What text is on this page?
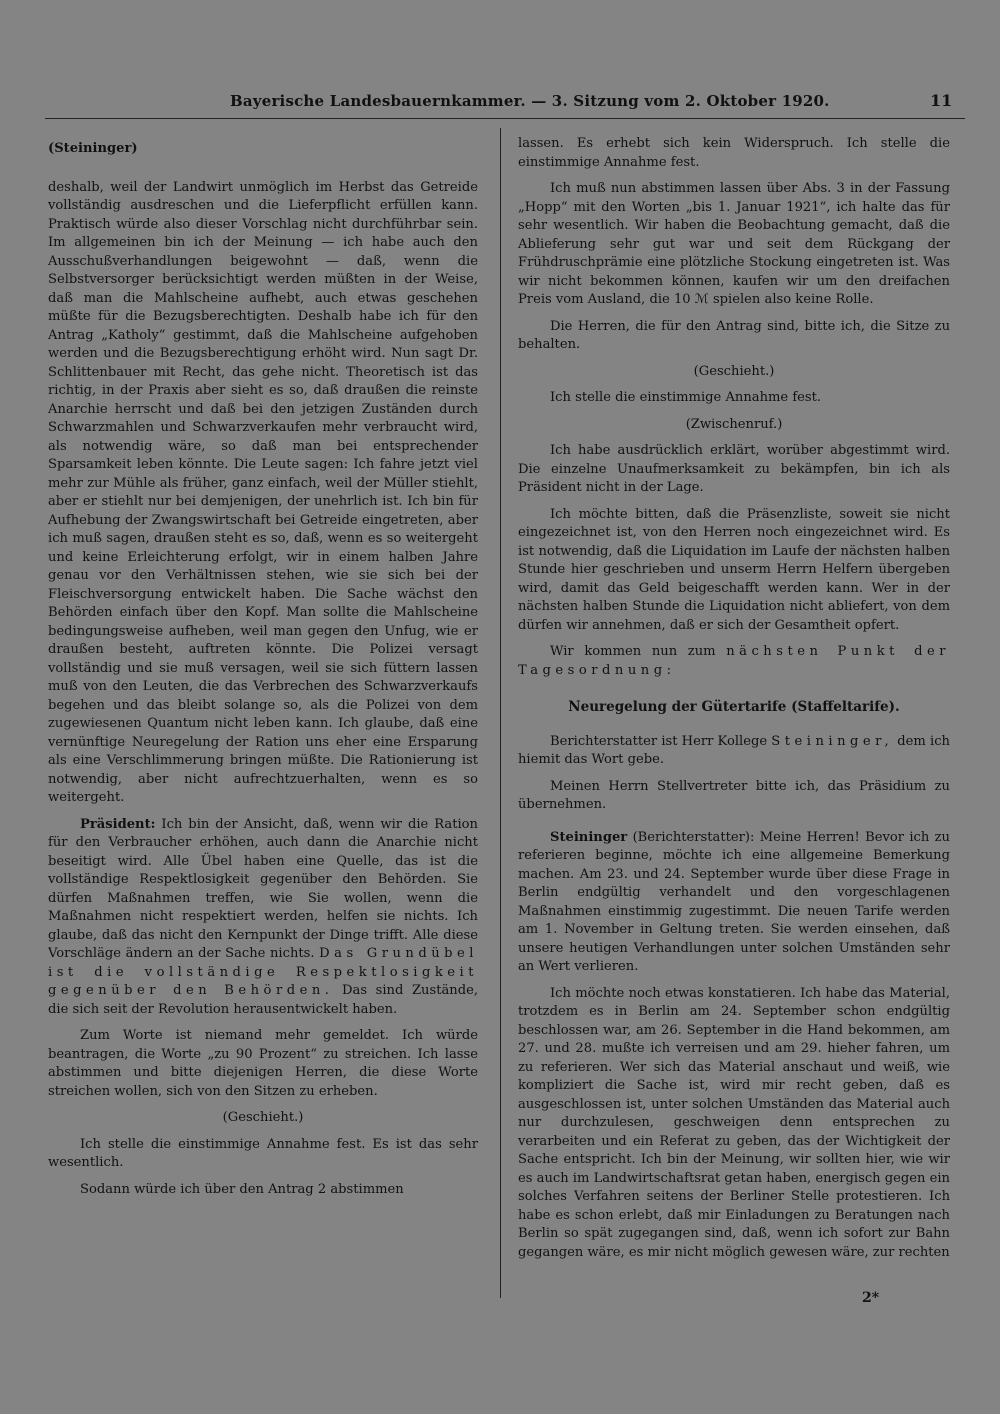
Bayerische Landesbauernkammer. — 3. Sitzung vom 2. Oktober 1920.	11

(Steininger)

deshalb, weil der Landwirt unmöglich im Herbst das Getreide vollständig ausdreschen und die Lieferpflicht erfüllen kann. Praktisch würde also dieser Vorschlag nicht durchführbar sein. Im allgemeinen bin ich der Meinung — ich habe auch den Ausschußverhandlungen beigewohnt — daß, wenn die Selbstversorger berücksichtigt werden müßten in der Weise, daß man die Mahlscheine aufhebt, auch etwas geschehen müßte für die Bezugsberechtigten. Deshalb habe ich für den Antrag „Katholy“ gestimmt, daß die Mahlscheine aufgehoben werden und die Bezugsberechtigung erhöht wird. Nun sagt Dr. Schlittenbauer mit Recht, das gehe nicht. Theoretisch ist das richtig, in der Praxis aber sieht es so, daß draußen die reinste Anarchie herrscht und daß bei den jetzigen Zuständen durch Schwarzmahlen und Schwarzverkaufen mehr verbraucht wird, als notwendig wäre, so daß man bei entsprechender Sparsamkeit leben könnte. Die Leute sagen: Ich fahre jetzt viel mehr zur Mühle als früher, ganz einfach, weil der Müller stiehlt, aber er stiehlt nur bei demjenigen, der unehrlich ist. Ich bin für Aufhebung der Zwangswirtschaft bei Getreide eingetreten, aber ich muß sagen, draußen steht es so, daß, wenn es so weitergeht und keine Erleichterung erfolgt, wir in einem halben Jahre genau vor den Verhältnissen stehen, wie sie sich bei der Fleischversorgung entwickelt haben. Die Sache wächst den Behörden einfach über den Kopf. Man sollte die Mahlscheine bedingungsweise aufheben, weil man gegen den Unfug, wie er draußen besteht, auftreten könnte. Die Polizei versagt vollständig und sie muß versagen, weil sie sich füttern lassen muß von den Leuten, die das Verbrechen des Schwarzverkaufs begehen und das bleibt solange so, als die Polizei von dem zugewiesenen Quantum nicht leben kann. Ich glaube, daß eine vernünftige Neuregelung der Ration uns eher eine Ersparung als eine Verschlimmerung bringen müßte. Die Rationierung ist notwendig, aber nicht aufrechtzuerhalten, wenn es so weitergeht.

Präsident: Ich bin der Ansicht, daß, wenn wir die Ration für den Verbraucher erhöhen, auch dann die Anarchie nicht beseitigt wird. Alle Übel haben eine Quelle, das ist die vollständige Respektlosigkeit gegenüber den Behörden. Sie dürfen Maßnahmen treffen, wie Sie wollen, wenn die Maßnahmen nicht respektiert werden, helfen sie nichts. Ich glaube, daß das nicht den Kernpunkt der Dinge trifft. Alle diese Vorschläge ändern an der Sache nichts. Das Grundübel ist die vollständige Respektlosigkeit gegenüber den Behörden. Das sind Zustände, die sich seit der Revolution herausentwickelt haben.

Zum Worte ist niemand mehr gemeldet. Ich würde beantragen, die Worte „zu 90 Prozent“ zu streichen. Ich lasse abstimmen und bitte diejenigen Herren, die diese Worte streichen wollen, sich von den Sitzen zu erheben.

(Geschieht.)

Ich stelle die einstimmige Annahme fest. Es ist das sehr wesentlich.

Sodann würde ich über den Antrag 2 abstimmen

lassen. Es erhebt sich kein Widerspruch. Ich stelle die einstimmige Annahme fest.

Ich muß nun abstimmen lassen über Abs. 3 in der Fassung „Hopp“ mit den Worten „bis 1. Januar 1921“, ich halte das für sehr wesentlich. Wir haben die Beobachtung gemacht, daß die Ablieferung sehr gut war und seit dem Rückgang der Frühdruschprämie eine plötzliche Stockung eingetreten ist. Was wir nicht bekommen können, kaufen wir um den dreifachen Preis vom Ausland, die 10 ℳ spielen also keine Rolle.

Die Herren, die für den Antrag sind, bitte ich, die Sitze zu behalten.

(Geschieht.)

Ich stelle die einstimmige Annahme fest.

(Zwischenruf.)

Ich habe ausdrücklich erklärt, worüber abgestimmt wird. Die einzelne Unaufmerksamkeit zu bekämpfen, bin ich als Präsident nicht in der Lage.

Ich möchte bitten, daß die Präsenzliste, soweit sie nicht eingezeichnet ist, von den Herren noch eingezeichnet wird. Es ist notwendig, daß die Liquidation im Laufe der nächsten halben Stunde hier geschrieben und unserm Herrn Helfern übergeben wird, damit das Geld beigeschafft werden kann. Wer in der nächsten halben Stunde die Liquidation nicht abliefert, von dem dürfen wir annehmen, daß er sich der Gesamtheit opfert.

Wir kommen nun zum nächsten Punkt der Tagesordnung:

Neuregelung der Gütertarife (Staffeltarife).

Berichterstatter ist Herr Kollege Steininger, dem ich hiemit das Wort gebe.

Meinen Herrn Stellvertreter bitte ich, das Präsidium zu übernehmen.

Steininger (Berichterstatter): Meine Herren! Bevor ich zu referieren beginne, möchte ich eine allgemeine Bemerkung machen. Am 23. und 24. September wurde über diese Frage in Berlin endgültig verhandelt und den vorgeschlagenen Maßnahmen einstimmig zugestimmt. Die neuen Tarife werden am 1. November in Geltung treten. Sie werden einsehen, daß unsere heutigen Verhandlungen unter solchen Umständen sehr an Wert verlieren.

Ich möchte noch etwas konstatieren. Ich habe das Material, trotzdem es in Berlin am 24. September schon endgültig beschlossen war, am 26. September in die Hand bekommen, am 27. und 28. mußte ich verreisen und am 29. hieher fahren, um zu referieren. Wer sich das Material anschaut und weiß, wie kompliziert die Sache ist, wird mir recht geben, daß es ausgeschlossen ist, unter solchen Umständen das Material auch nur durchzulesen, geschweigen denn entsprechen zu verarbeiten und ein Referat zu geben, das der Wichtigkeit der Sache entspricht. Ich bin der Meinung, wir sollten hier, wie wir es auch im Landwirtschaftsrat getan haben, energisch gegen ein solches Verfahren seitens der Berliner Stelle protestieren. Ich habe es schon erlebt, daß mir Einladungen zu Beratungen nach Berlin so spät zugegangen sind, daß, wenn ich sofort zur Bahn gegangen wäre, es mir nicht möglich gewesen wäre, zur rechten

2*
